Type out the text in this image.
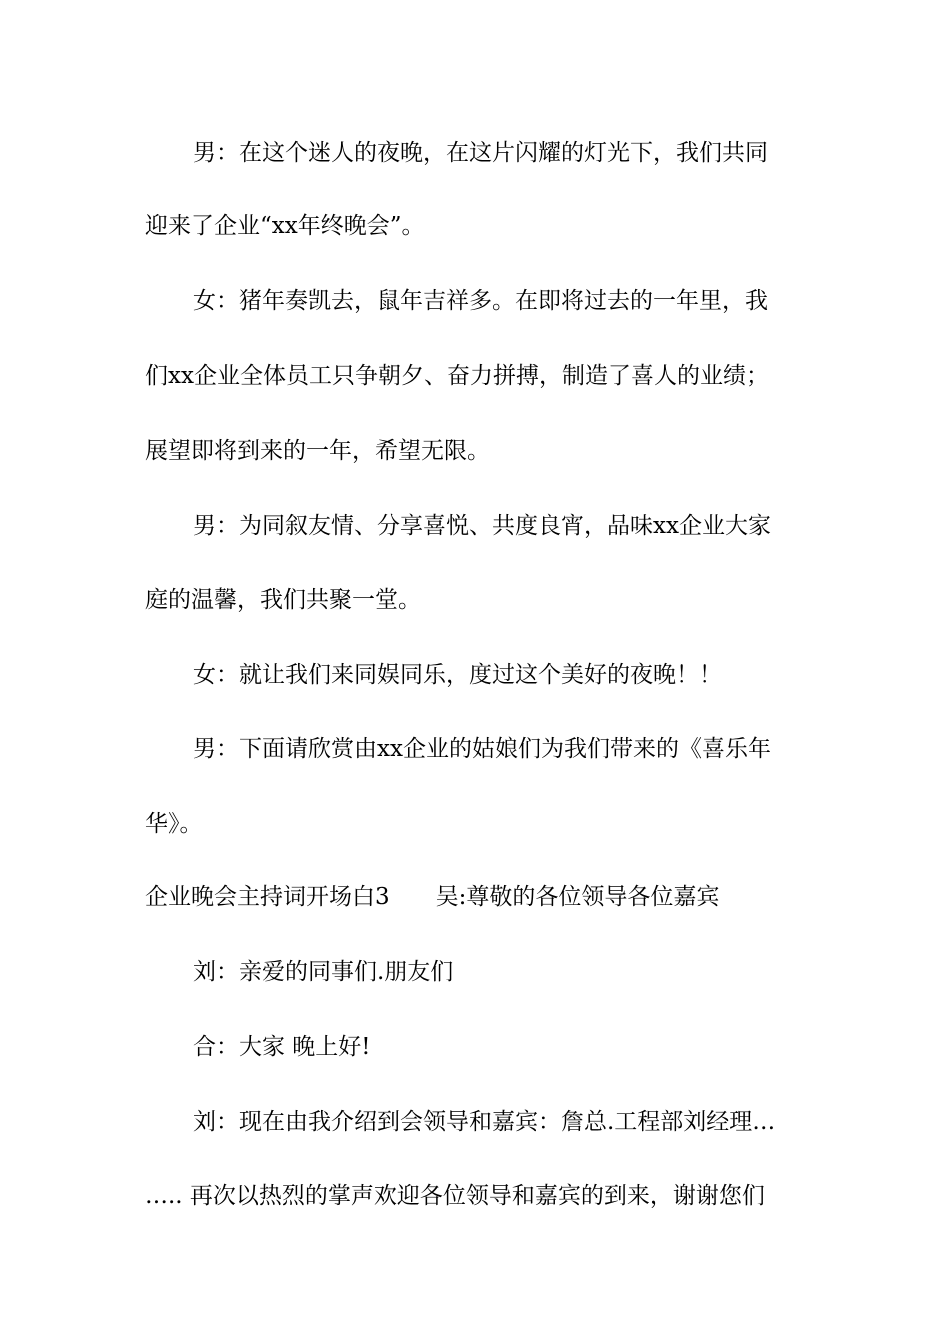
男：在这个迷人的夜晚，在这片闪耀的灯光下，我们共同
迎来了企业“xx年终晚会”。
女：猪年奏凯去，鼠年吉祥多。在即将过去的一年里，我
们xx企业全体员工只争朝夕、奋力拼搏，制造了喜人的业绩；
展望即将到来的一年，希望无限。
男：为同叙友情、分享喜悦、共度良宵，品味xx企业大家
庭的温馨，我们共聚一堂。
女：就让我们来同娱同乐，度过这个美好的夜晚！！
男：下面请欣赏由xx企业的姑娘们为我们带来的《喜乐年
华》。
企业晚会主持词开场白3　　吴:尊敬的各位领导各位嘉宾
刘：亲爱的同事们.朋友们
合：大家 晚上好!
刘：现在由我介绍到会领导和嘉宾：詹总.工程部刘经理…
….. 再次以热烈的掌声欢迎各位领导和嘉宾的到来，谢谢您们
